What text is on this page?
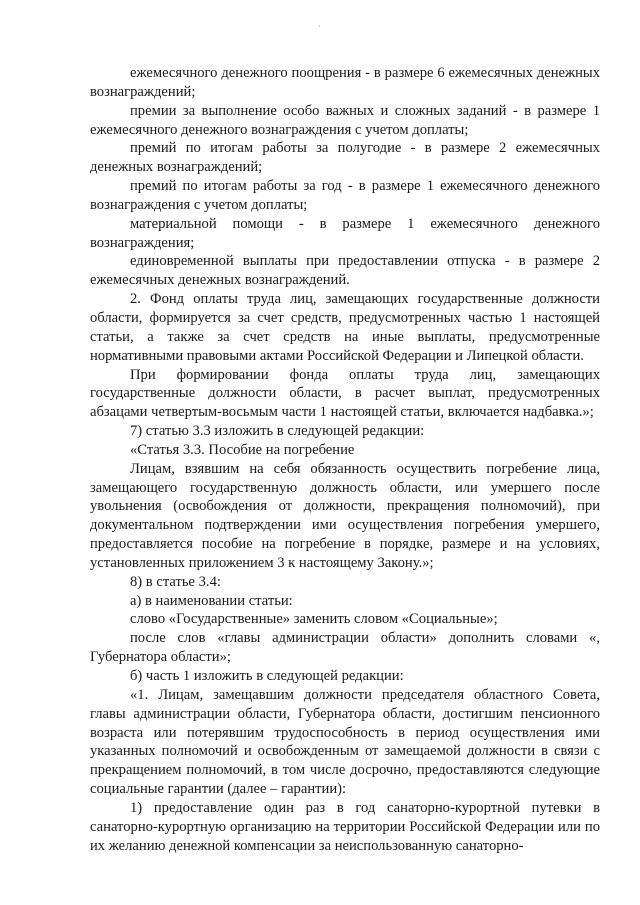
·

ежемесячного денежного поощрения - в размере 6 ежемесячных денежных вознаграждений;

премии за выполнение особо важных и сложных заданий - в размере 1 ежемесячного денежного вознаграждения с учетом доплаты;

премий по итогам работы за полугодие - в размере 2 ежемесячных денежных вознаграждений;

премий по итогам работы за год - в размере 1 ежемесячного денежного вознаграждения с учетом доплаты;

материальной помощи - в размере 1 ежемесячного денежного вознаграждения;

единовременной выплаты при предоставлении отпуска - в размере 2 ежемесячных денежных вознаграждений.

2. Фонд оплаты труда лиц, замещающих государственные должности области, формируется за счет средств, предусмотренных частью 1 настоящей статьи, а также за счет средств на иные выплаты, предусмотренные нормативными правовыми актами Российской Федерации и Липецкой области.

При формировании фонда оплаты труда лиц, замещающих государственные должности области, в расчет выплат, предусмотренных абзацами четвертым-восьмым части 1 настоящей статьи, включается надбавка.»;

7) статью 3.3 изложить в следующей редакции:

«Статья 3.3. Пособие на погребение

Лицам, взявшим на себя обязанность осуществить погребение лица, замещающего государственную должность области, или умершего после увольнения (освобождения от должности, прекращения полномочий), при документальном подтверждении ими осуществления погребения умершего, предоставляется пособие на погребение в порядке, размере и на условиях, установленных приложением 3 к настоящему Закону.»;

8) в статье 3.4:

а) в наименовании статьи:

слово «Государственные» заменить словом «Социальные»;

после слов «главы администрации области» дополнить словами «, Губернатора области»;

б) часть 1 изложить в следующей редакции:

«1. Лицам, замещавшим должности председателя областного Совета, главы администрации области, Губернатора области, достигшим пенсионного возраста или потерявшим трудоспособность в период осуществления ими указанных полномочий и освобожденным от замещаемой должности в связи с прекращением полномочий, в том числе досрочно, предоставляются следующие социальные гарантии (далее – гарантии):

1) предоставление один раз в год санаторно-курортной путевки в санаторно-курортную организацию на территории Российской Федерации или по их желанию денежной компенсации за неиспользованную санаторно-
